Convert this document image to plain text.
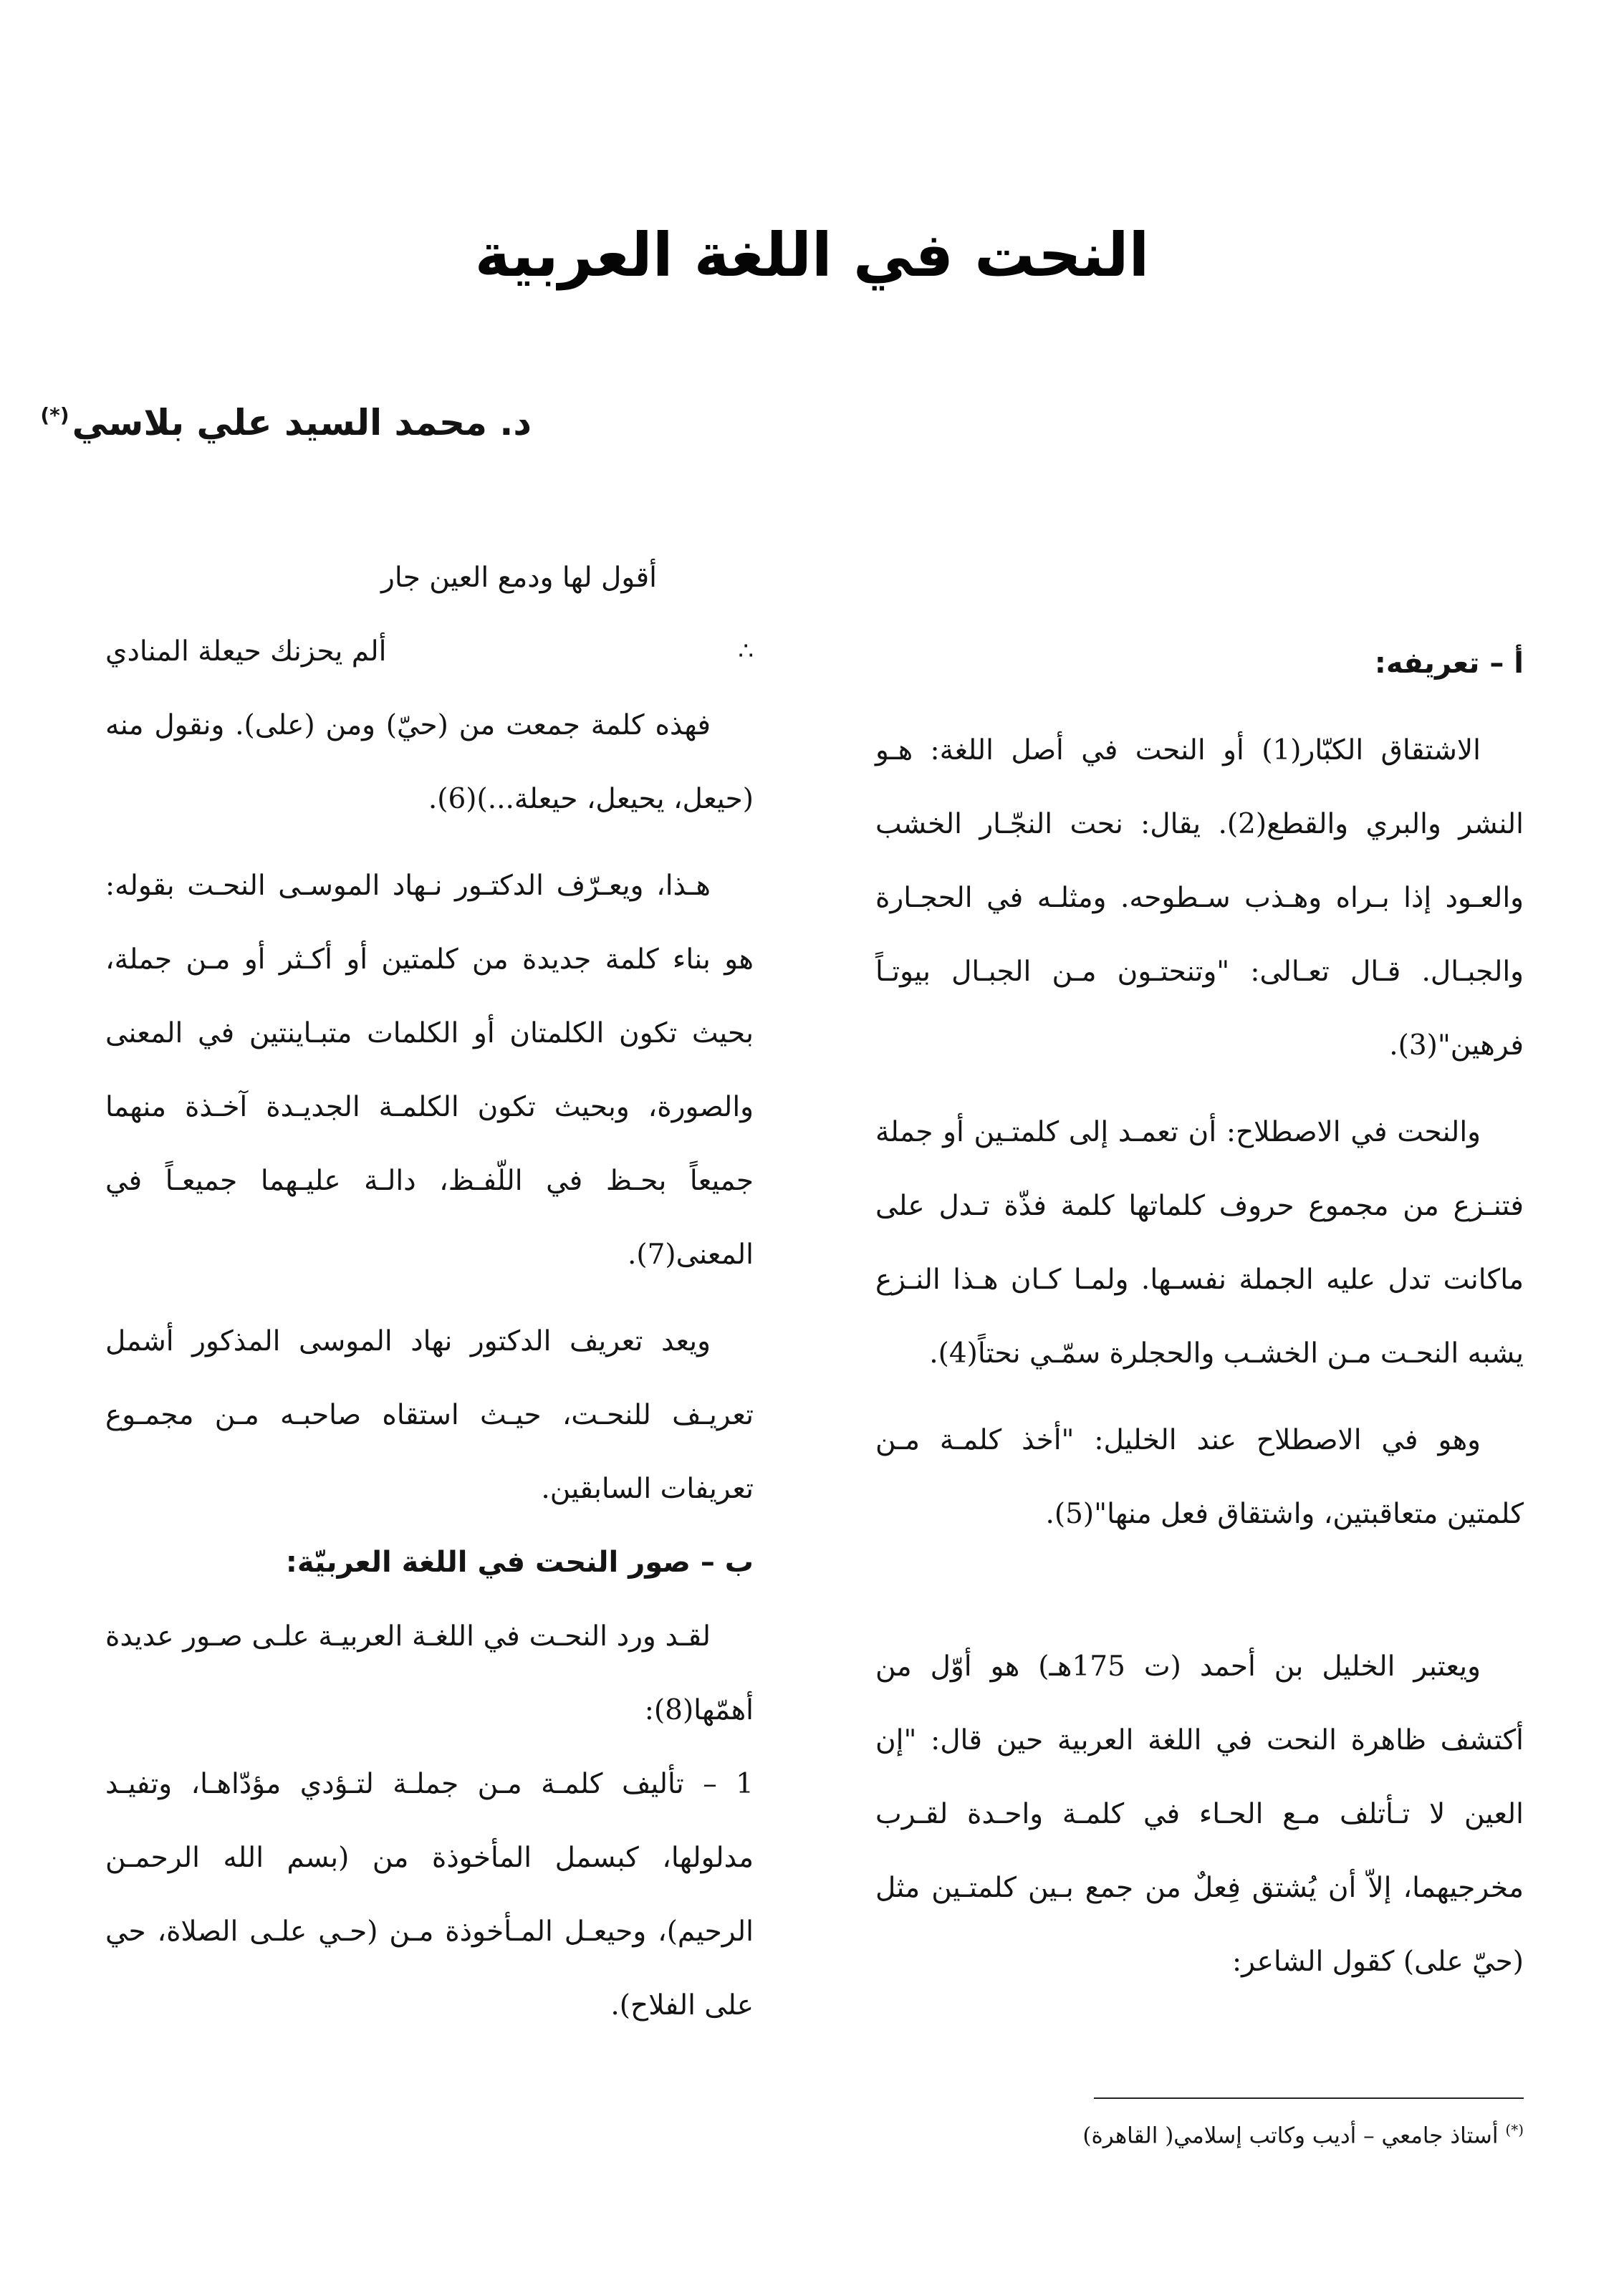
النحت في اللغة العربية
د. محمد السيد علي بلاسي(*)

أ – تعريفه:

الاشتقاق الكبّار(1) أو النحت في أصل اللغة: هـو النشر والبري والقطع(2). يقال: نحت النجّـار الخشب والعـود إذا بـراه وهـذب سـطوحه. ومثلـه في الحجـارة والجبـال. قـال تعـالى: "وتنحتـون مـن الجبـال بيوتـاً فرهين"(3).

والنحت في الاصطلاح: أن تعمـد إلى كلمتـين أو جملة فتنـزع من مجموع حروف كلماتها كلمة فذّة تـدل على ماكانت تدل عليه الجملة نفسـها. ولمـا كـان هـذا النـزع يشبه النحـت مـن الخشـب والحجلرة سمّـي نحتاً(4).

وهو في الاصطلاح عند الخليل: "أخذ كلمـة مـن كلمتين متعاقبتين، واشتقاق فعل منها"(5).

ويعتبر الخليل بن أحمد (ت 175هـ) هو أوّل من أكتشف ظاهرة النحت في اللغة العربية حين قال: "إن العين لا تـأتلف مـع الحـاء في كلمـة واحـدة لقـرب مخرجيهما، إلاّ أن يُشتق فِعلٌ من جمع بـين كلمتـين مثل (حيّ على) كقول الشاعر:

أقول لها ودمع العين جار

∴
ألم يحزنك حيعلة المنادي

فهذه كلمة جمعت من (حيّ) ومن (على). ونقول منه (حيعل، يحيعل، حيعلة...)(6).

هـذا، ويعـرّف الدكتـور نـهاد الموسـى النحـت بقوله: هو بناء كلمة جديدة من كلمتين أو أكـثر أو مـن جملة، بحيث تكون الكلمتان أو الكلمات متبـاينتين في المعنى والصورة، وبحيث تكون الكلمـة الجديـدة آخـذة منهما جميعاً بحـظ في اللّفـظ، دالـة عليـهما جميعـاً في المعنى(7).

ويعد تعريف الدكتور نهاد الموسى المذكور أشمل تعريـف للنحـت، حيـث استقاه صاحبـه مـن مجمـوع تعريفات السابقين.

ب – صور النحت في اللغة العربيّة:

لقـد ورد النحـت في اللغـة العربيـة علـى صـور عديدة أهمّها(8):

1 – تأليف كلمـة مـن جملـة لتـؤدي مؤدّاهـا، وتفيـد مدلولها، كبسمل المأخوذة من (بسم الله الرحمـن الرحيم)، وحيعـل المـأخوذة مـن (حـي علـى الصلاة، حي على الفلاح).

(*) أستاذ جامعي – أديب وكاتب إسلامي( القاهرة)
